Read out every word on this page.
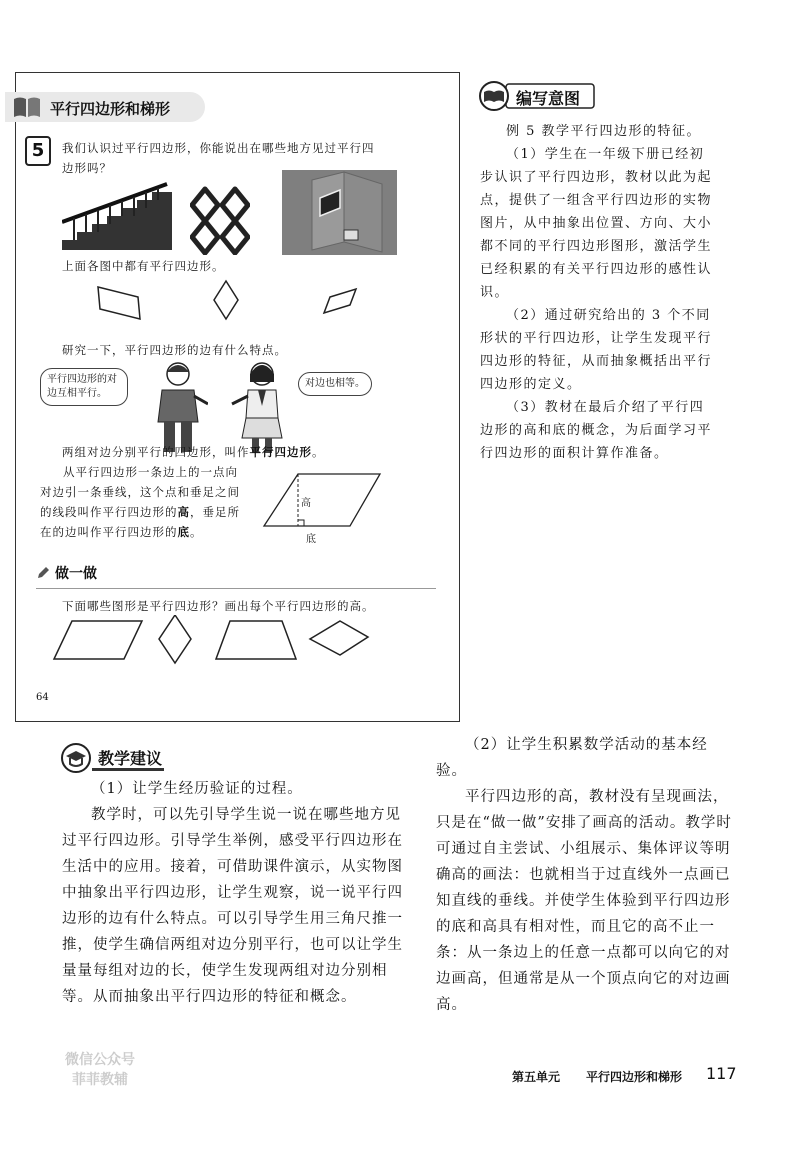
平行四边形和梯形
5	我们认识过平行四边形，你能说出在哪些地方见过平行四边形吗？
上面各图中都有平行四边形。
研究一下，平行四边形的边有什么特点。
平行四边形的对边互相平行。
对边也相等。
两组对边分别平行的四边形，叫作平行四边形。
从平行四边形一条边上的一点向对边引一条垂线，这个点和垂足之间的线段叫作平行四边形的高，垂足所在的边叫作平行四边形的底。
高
底
做一做
下面哪些图形是平行四边形？画出每个平行四边形的高。
64
编写意图

例 5 教学平行四边形的特征。

（1）学生在一年级下册已经初步认识了平行四边形，教材以此为起点，提供了一组含平行四边形的实物图片，从中抽象出位置、方向、大小都不同的平行四边形图形，激活学生已经积累的有关平行四边形的感性认识。

（2）通过研究给出的 3 个不同形状的平行四边形，让学生发现平行四边形的特征，从而抽象概括出平行四边形的定义。

（3）教材在最后介绍了平行四边形的高和底的概念，为后面学习平行四边形的面积计算作准备。

教学建议

（1）让学生经历验证的过程。

教学时，可以先引导学生说一说在哪些地方见过平行四边形。引导学生举例，感受平行四边形在生活中的应用。接着，可借助课件演示，从实物图中抽象出平行四边形，让学生观察，说一说平行四边形的边有什么特点。可以引导学生用三角尺推一推，使学生确信两组对边分别平行，也可以让学生量量每组对边的长，使学生发现两组对边分别相等。从而抽象出平行四边形的特征和概念。

（2）让学生积累数学活动的基本经验。

平行四边形的高，教材没有呈现画法，只是在“做一做”安排了画高的活动。教学时可通过自主尝试、小组展示、集体评议等明确高的画法：也就相当于过直线外一点画已知直线的垂线。并使学生体验到平行四边形的底和高具有相对性，而且它的高不止一条：从一条边上的任意一点都可以向它的对边画高，但通常是从一个顶点向它的对边画高。

第五单元 平行四边形和梯形 117
微信公众号
菲菲教辅
